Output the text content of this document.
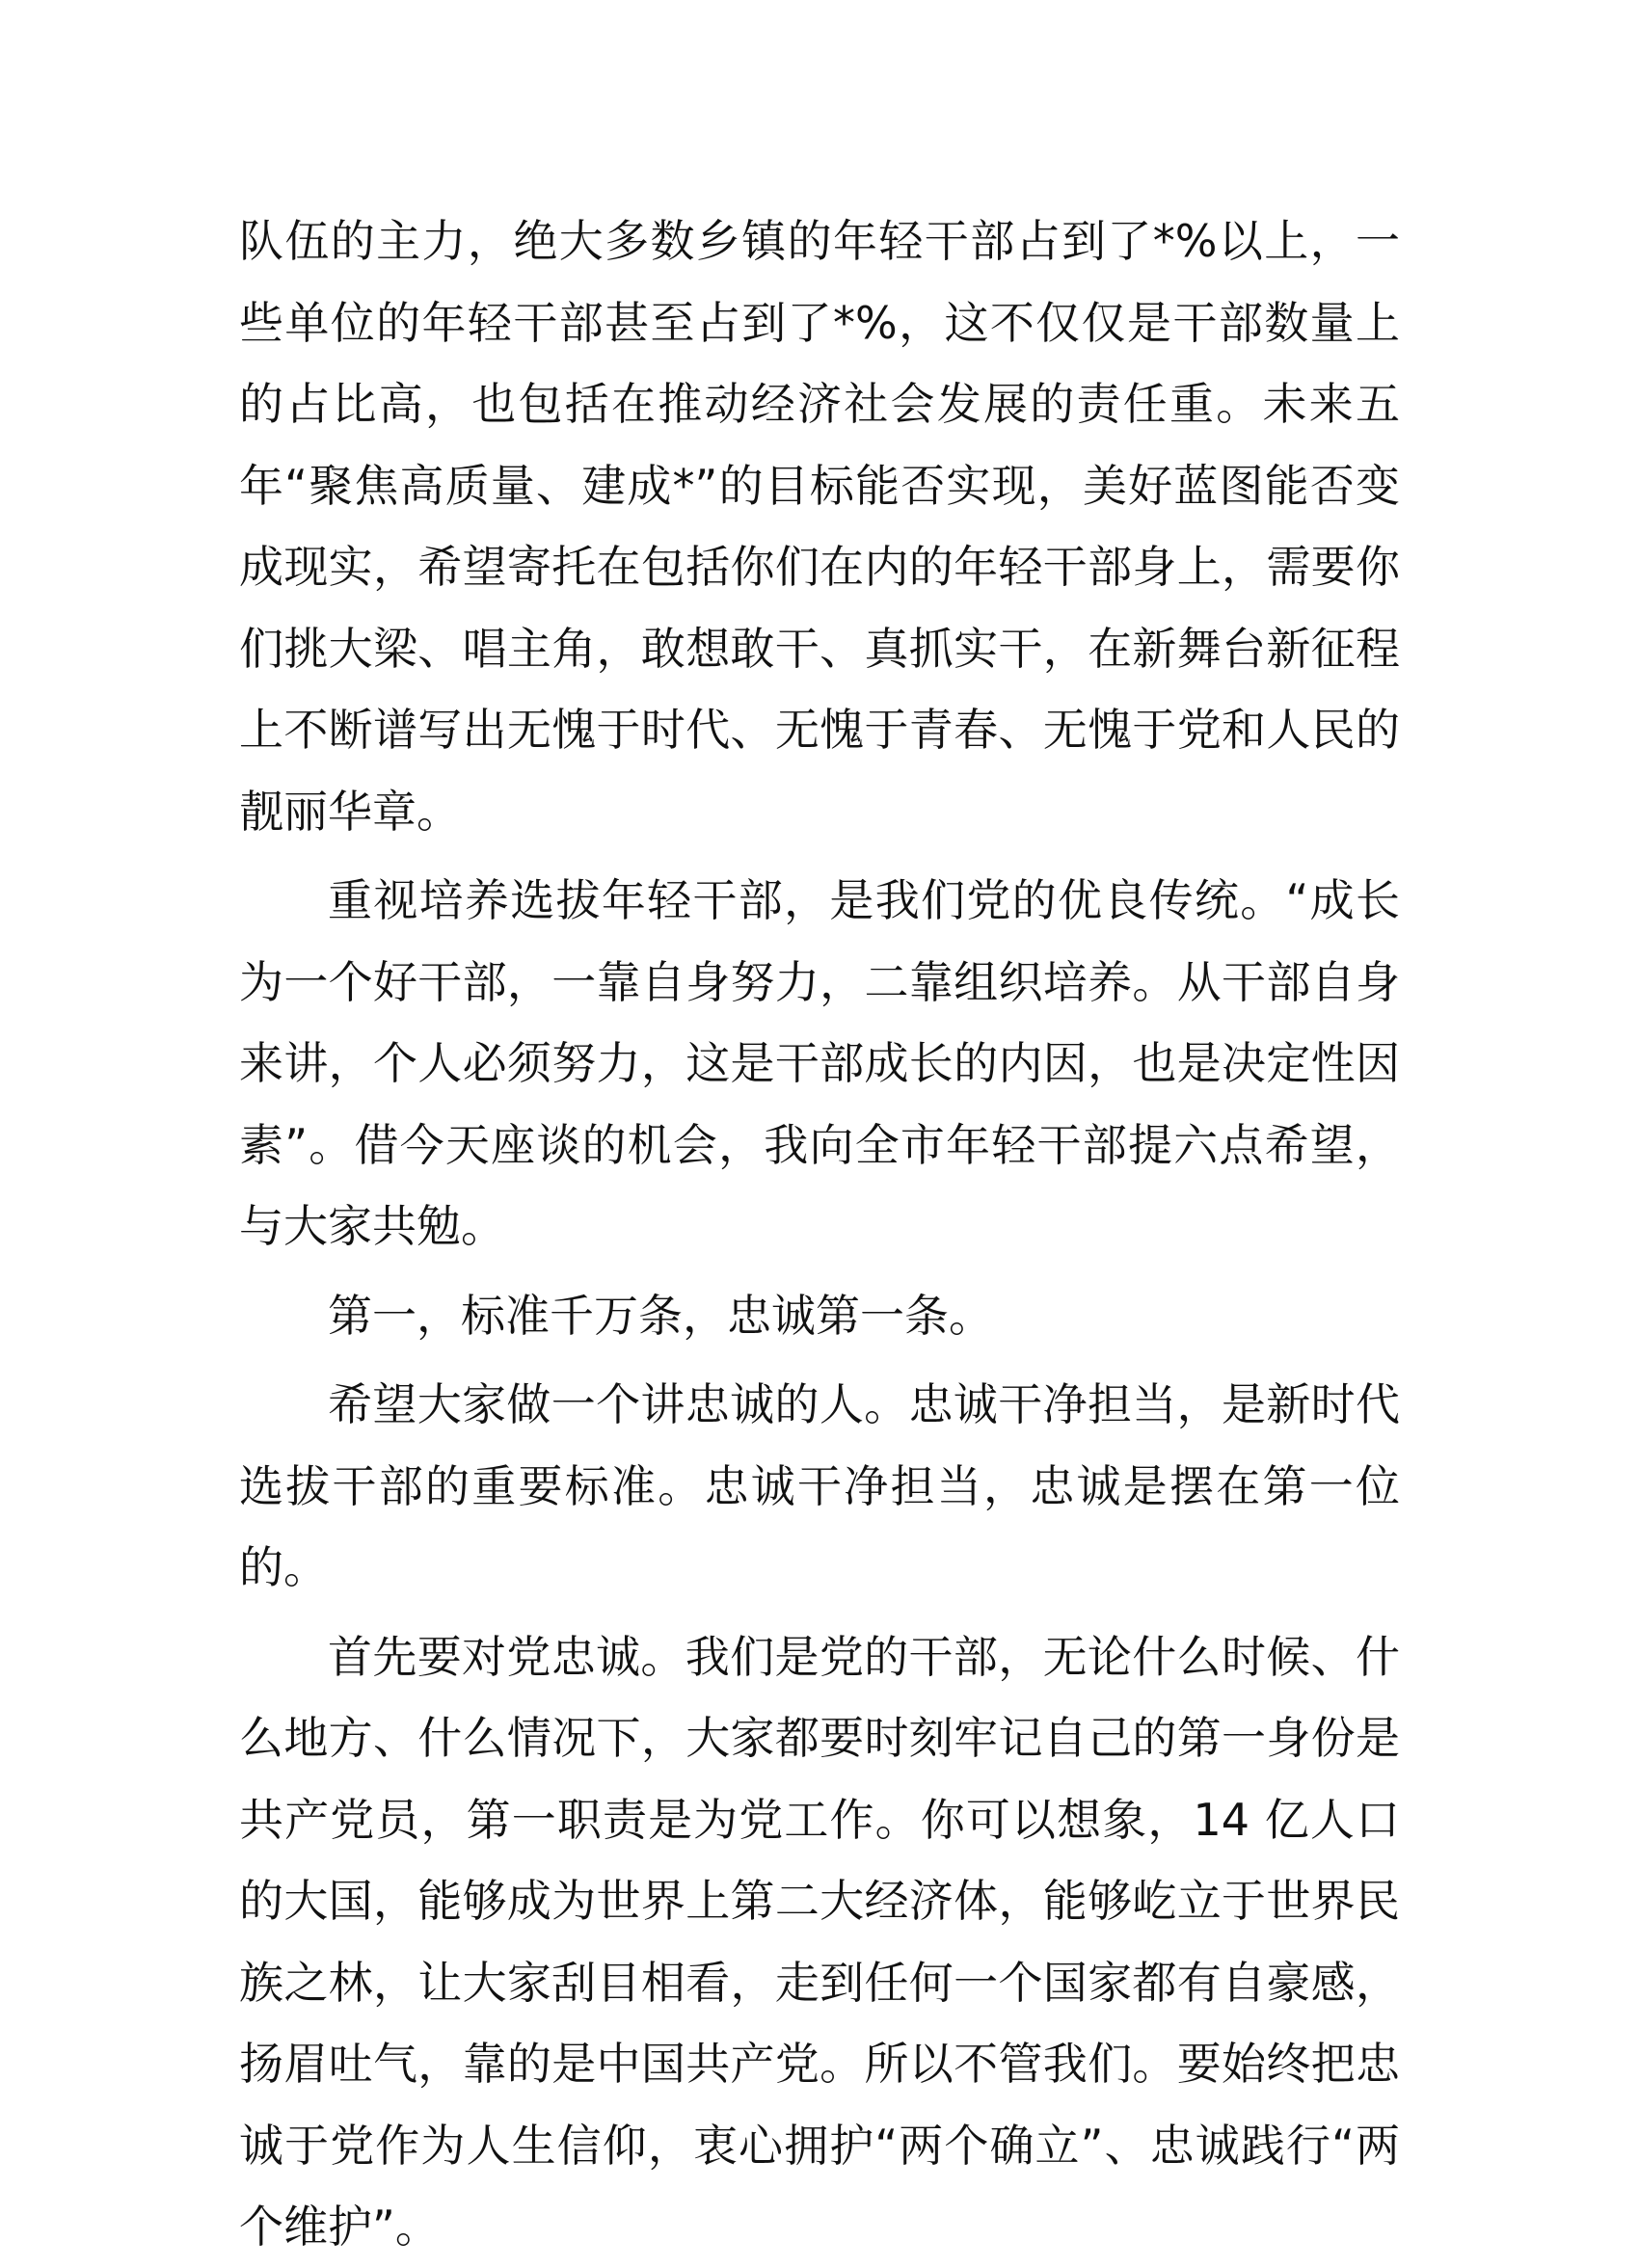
队伍的主力，绝大多数乡镇的年轻干部占到了*%以上，一些单位的年轻干部甚至占到了*%，这不仅仅是干部数量上的占比高，也包括在推动经济社会发展的责任重。未来五年“聚焦高质量、建成*”的目标能否实现，美好蓝图能否变成现实，希望寄托在包括你们在内的年轻干部身上，需要你们挑大梁、唱主角，敢想敢干、真抓实干，在新舞台新征程上不断谱写出无愧于时代、无愧于青春、无愧于党和人民的靓丽华章。

重视培养选拔年轻干部，是我们党的优良传统。“成长为一个好干部，一靠自身努力，二靠组织培养。从干部自身来讲，个人必须努力，这是干部成长的内因，也是决定性因素”。借今天座谈的机会，我向全市年轻干部提六点希望，与大家共勉。

第一，标准千万条，忠诚第一条。

希望大家做一个讲忠诚的人。忠诚干净担当，是新时代选拔干部的重要标准。忠诚干净担当，忠诚是摆在第一位的。

首先要对党忠诚。我们是党的干部，无论什么时候、什么地方、什么情况下，大家都要时刻牢记自己的第一身份是共产党员，第一职责是为党工作。你可以想象，14 亿人口的大国，能够成为世界上第二大经济体，能够屹立于世界民族之林，让大家刮目相看，走到任何一个国家都有自豪感，扬眉吐气，靠的是中国共产党。所以不管我们。要始终把忠诚于党作为人生信仰，衷心拥护“两个确立”、忠诚践行“两个维护”。
